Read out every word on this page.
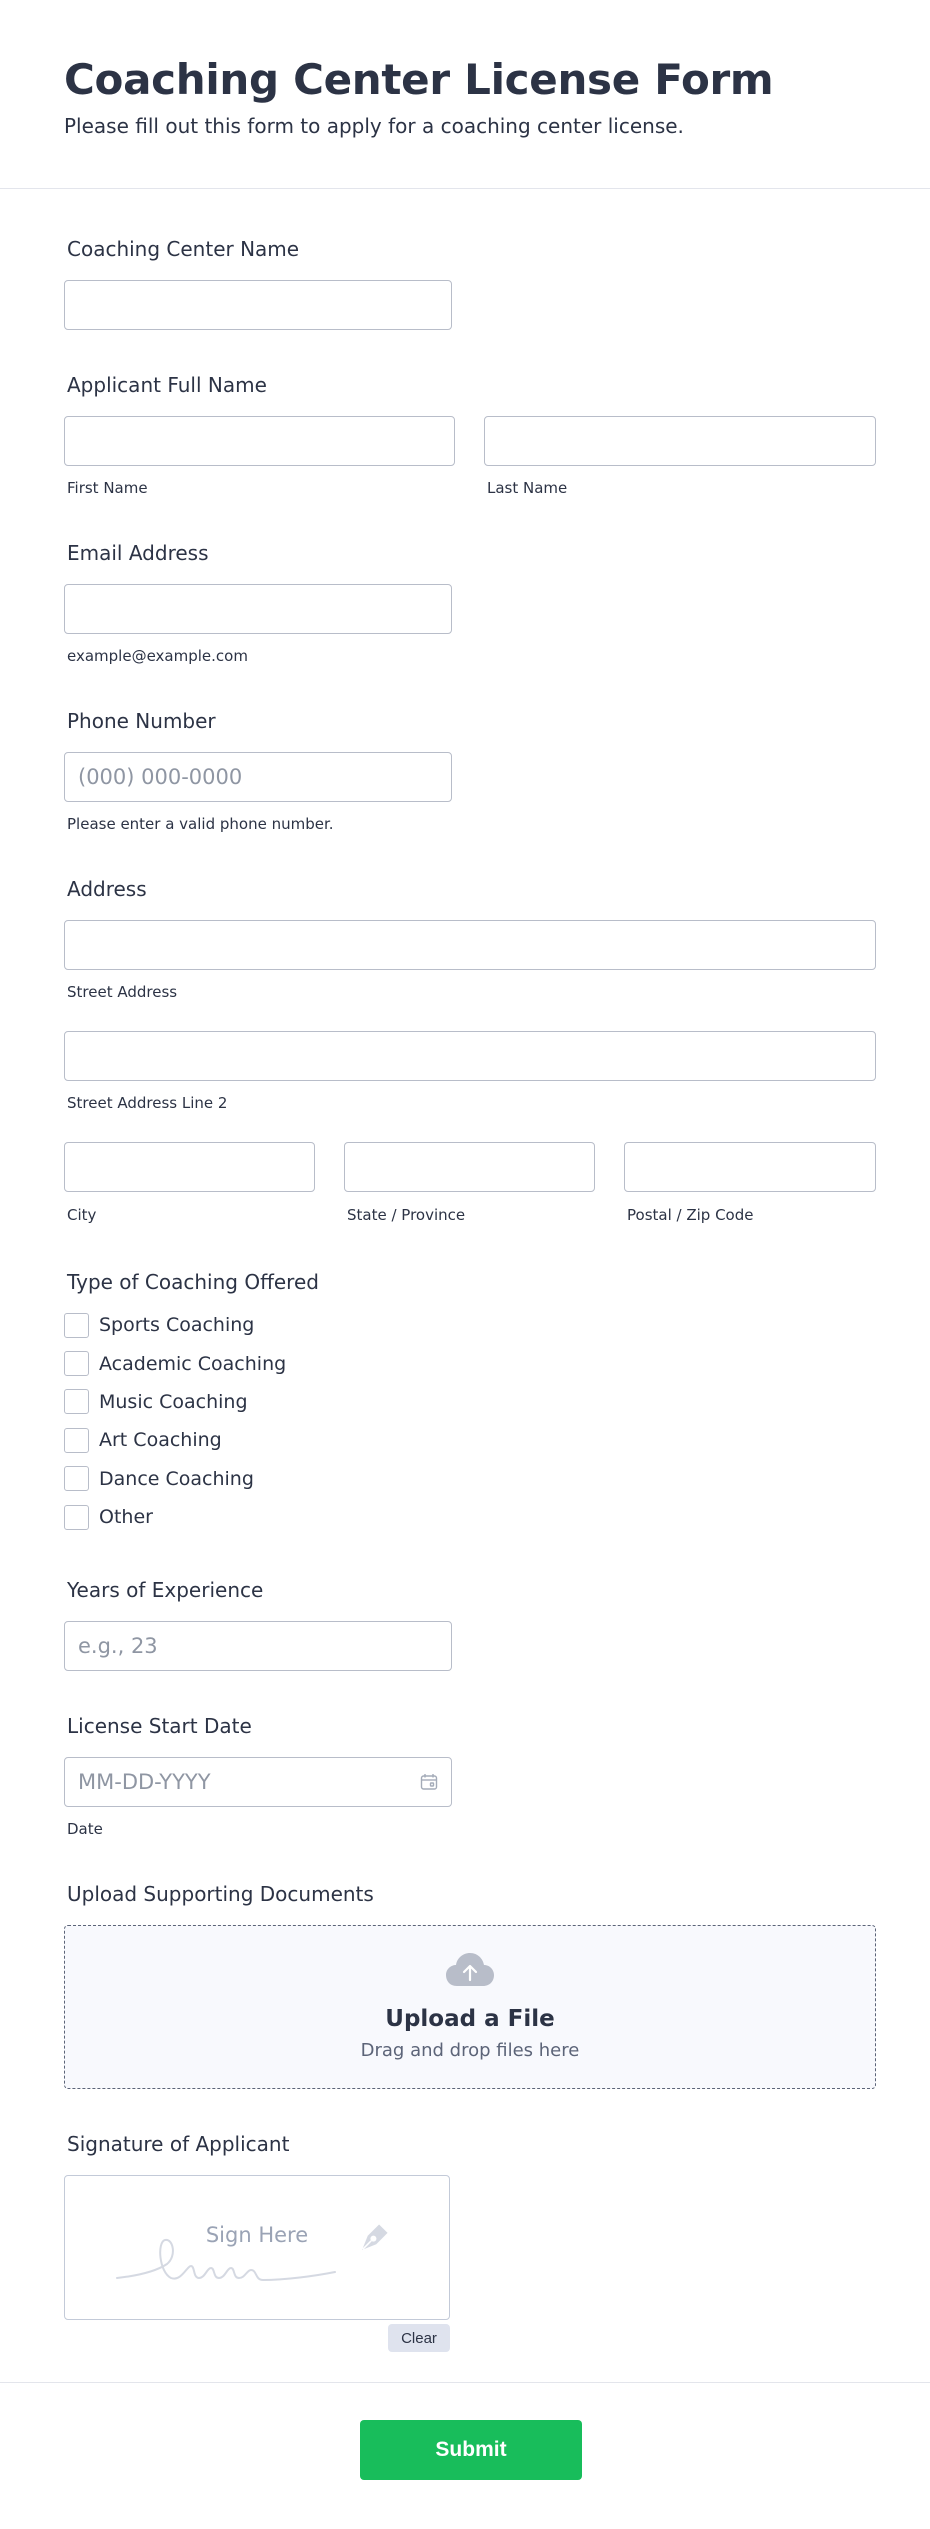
Coaching Center License Form

Please fill out this form to apply for a coaching center license.

Coaching Center Name
Applicant Full Name
First Name	Last Name
Email Address
example@example.com
Phone Number
(000) 000-0000
Please enter a valid phone number.
Address
Street Address
Street Address Line 2
City	State / Province	Postal / Zip Code
Type of Coaching Offered
Sports Coaching
Academic Coaching
Music Coaching
Art Coaching
Dance Coaching
Other
Years of Experience
e.g., 23
License Start Date
MM-DD-YYYY
Date
Upload Supporting Documents
Upload a File
Drag and drop files here
Signature of Applicant
Sign Here
Clear
Submit
